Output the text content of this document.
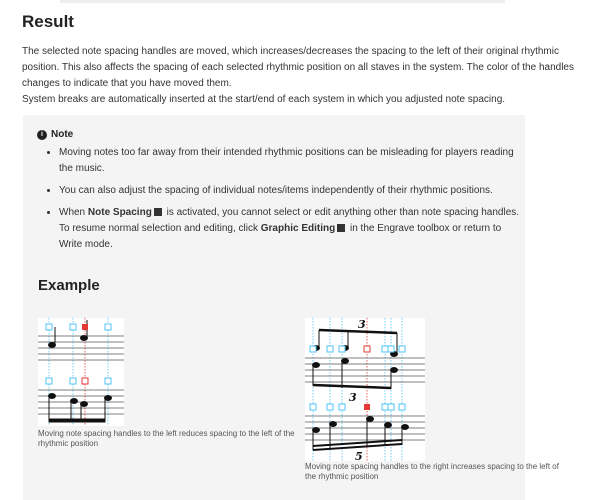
Result
The selected note spacing handles are moved, which increases/decreases the spacing to the left of their original rhythmic position. This also affects the spacing of each selected rhythmic position on all staves in the system. The color of the handles changes to indicate that you have moved them.
System breaks are automatically inserted at the start/end of each system in which you adjusted note spacing.
i Note
• Moving notes too far away from their intended rhythmic positions can be misleading for players reading the music.
• You can also adjust the spacing of individual notes/items independently of their rhythmic positions.
• When Note Spacing is activated, you cannot select or edit anything other than note spacing handles. To resume normal selection and editing, click Graphic Editing in the Engrave toolbox or return to Write mode.
Example
Moving note spacing handles to the left reduces spacing to the left of the rhythmic position
3
3
5
Moving note spacing handles to the right increases spacing to the left of the rhythmic position
